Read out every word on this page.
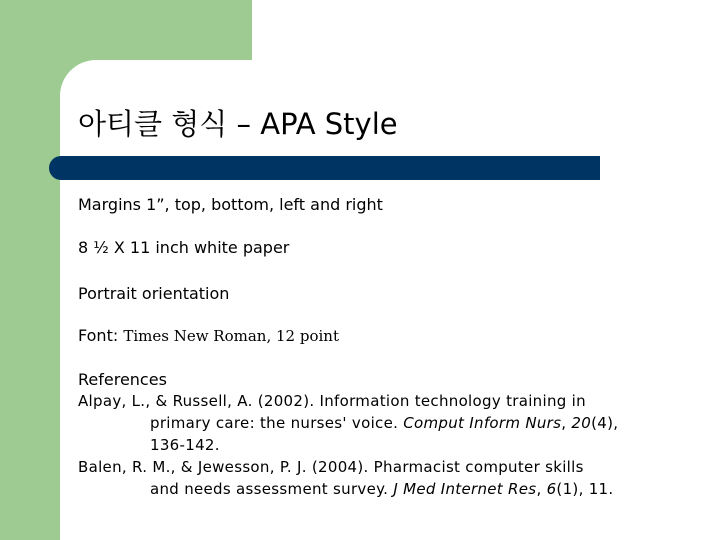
아티클 형식 – APA Style
Margins 1”, top, bottom, left and right
8 ½ X 11 inch white paper
Portrait orientation
Font: Times New Roman, 12 point
References
Alpay, L., & Russell, A. (2002). Information technology training in
primary care: the nurses' voice. Comput Inform Nurs, 20(4),
136-142.
Balen, R. M., & Jewesson, P. J. (2004). Pharmacist computer skills
and needs assessment survey. J Med Internet Res, 6(1), 11.
